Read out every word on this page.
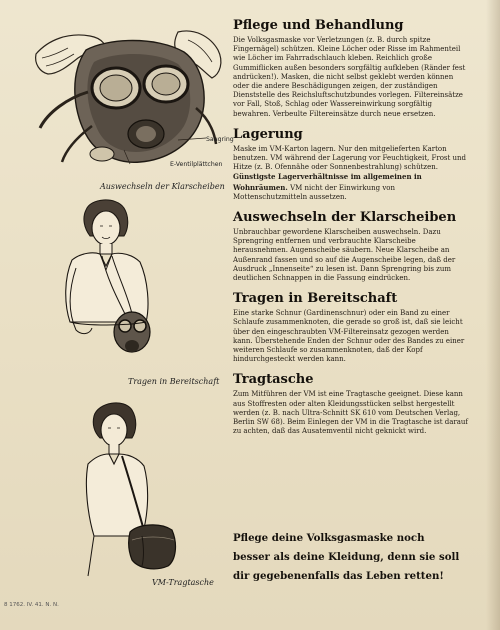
Saugring
E-Ventilplättchen
Auswechseln der Klarscheiben
Tragen in Bereitschaft
VM-Tragtasche
Pflege und Behandlung

Die Volksgasmaske vor Verletzungen (z. B. durch spitze Fingernägel) schützen. Kleine Löcher oder Risse im Rahmenteil wie Löcher im Fahrradschlauch kleben. Reichlich große Gummiflicken außen besonders sorgfältig aufkleben (Ränder fest andrücken!). Masken, die nicht selbst geklebt werden können oder die andere Beschädigungen zeigen, der zuständigen Dienststelle des Reichsluftschutzbundes vorlegen. Filtereinsätze vor Fall, Stoß, Schlag oder Wassereinwirkung sorgfältig bewahren. Verbeulte Filtereinsätze durch neue ersetzen.

Lagerung

Maske im VM-Karton lagern. Nur den mitgelieferten Karton benutzen. VM während der Lagerung vor Feuchtigkeit, Frost und Hitze (z. B. Ofennähe oder Sonnenbestrahlung) schützen. Günstigste Lagerverhältnisse im allgemeinen in Wohnräumen. VM nicht der Einwirkung von Mottenschutzmitteln aussetzen.

Auswechseln der Klarscheiben

Unbrauchbar gewordene Klarscheiben auswechseln. Dazu Sprengring entfernen und verbrauchte Klarscheibe herausnehmen. Augenscheibe säubern. Neue Klarscheibe an Außenrand fassen und so auf die Augenscheibe legen, daß der Ausdruck „Innenseite“ zu lesen ist. Dann Sprengring bis zum deutlichen Schnappen in die Fassung eindrücken.

Tragen in Bereitschaft

Eine starke Schnur (Gardinenschnur) oder ein Band zu einer Schlaufe zusammenknoten, die gerade so groß ist, daß sie leicht über den eingeschraubten VM-Filtereinsatz gezogen werden kann. Überstehende Enden der Schnur oder des Bandes zu einer weiteren Schlaufe so zusammenknoten, daß der Kopf hindurchgesteckt werden kann.

Tragtasche

Zum Mitführen der VM ist eine Tragtasche geeignet. Diese kann aus Stoffresten oder alten Kleidungsstücken selbst hergestellt werden (z. B. nach Ultra-Schnitt SK 610 vom Deutschen Verlag, Berlin SW 68). Beim Einlegen der VM in die Tragtasche ist darauf zu achten, daß das Ausatemventil nicht geknickt wird.

Pflege deine Volksgasmaske noch
besser als deine Kleidung, denn sie soll
dir gegebenenfalls das Leben retten!
8 1762. IV. 41. N. N.
